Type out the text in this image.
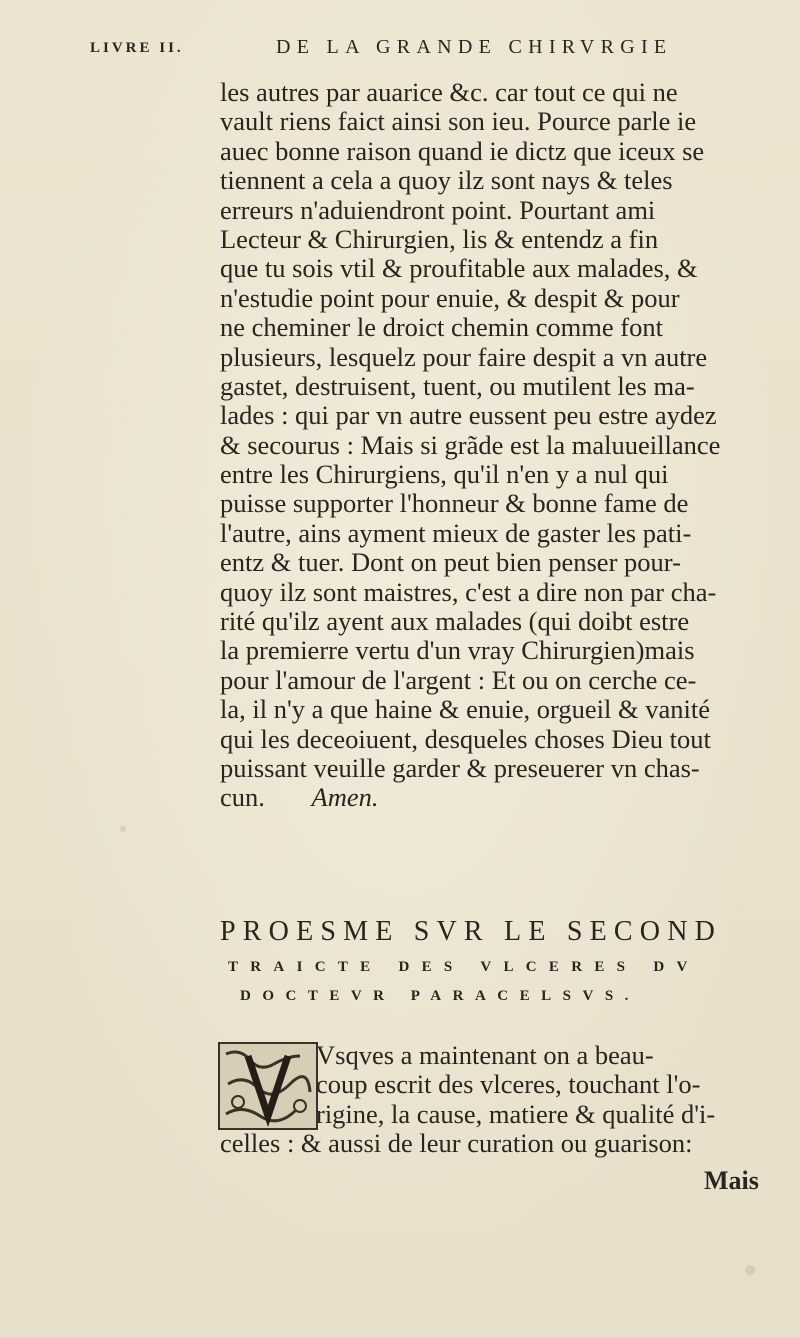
LIVRE II.	DE LA GRANDE CHIRVRGIE
les autres par auarice &c. car tout ce qui ne
vault riens faict ainsi son ieu. Pource parle ie
auec bonne raison quand ie dictz que iceux se
tiennent a cela a quoy ilz sont nays & teles
erreurs n'aduiendront point. Pourtant ami
Lecteur & Chirurgien, lis & entendz a fin
que tu sois vtil & proufitable aux malades, &
n'estudie point pour enuie, & despit & pour
ne cheminer le droict chemin comme font
plusieurs, lesquelz pour faire despit a vn autre
gastet, destruisent, tuent, ou mutilent les ma-
lades : qui par vn autre eussent peu estre aydez
& secourus : Mais si grãde est la maluueillance
entre les Chirurgiens, qu'il n'en y a nul qui
puisse supporter l'honneur & bonne fame de
l'autre, ains ayment mieux de gaster les pati-
entz & tuer. Dont on peut bien penser pour-
quoy ilz sont maistres, c'est a dire non par cha-
rité qu'ilz ayent aux malades (qui doibt estre
la premierre vertu d'un vray Chirurgien)mais
pour l'amour de l'argent : Et ou on cerche ce-
la, il n'y a que haine & enuie, orgueil & vanité
qui les deceoiuent, desqueles choses Dieu tout
puissant veuille garder & preseuerer vn chas-
cun. Amen.
PROESME SVR LE SECOND
TRAICTE DES VLCERES DV
DOCTEVR PARACELSVS.
Vsqves a maintenant on a beau-
coup escrit des vlceres, touchant l'o-
rigine, la cause, matiere & qualité d'i-
celles : & aussi de leur curation ou guarison:
Mais
